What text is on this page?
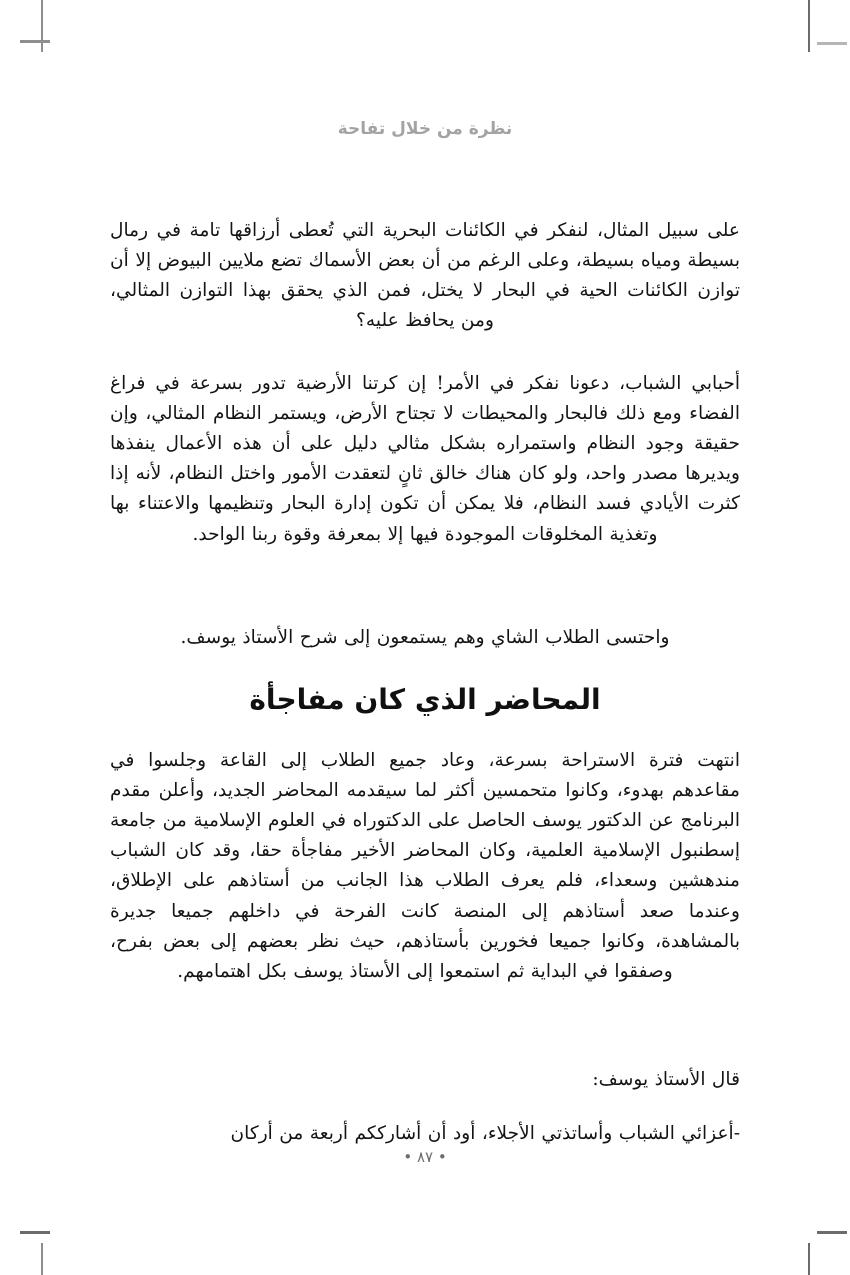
نظرة من خلال تفاحة

على سبيل المثال، لنفكر في الكائنات البحرية التي تُعطى أرزاقها تامة في رمال بسيطة ومياه بسيطة، وعلى الرغم من أن بعض الأسماك تضع ملايين البيوض إلا أن توازن الكائنات الحية في البحار لا يختل، فمن الذي يحقق بهذا التوازن المثالي، ومن يحافظ عليه؟

أحبابي الشباب، دعونا نفكر في الأمر! إن كرتنا الأرضية تدور بسرعة في فراغ الفضاء ومع ذلك فالبحار والمحيطات لا تجتاح الأرض، ويستمر النظام المثالي، وإن حقيقة وجود النظام واستمراره بشكل مثالي دليل على أن هذه الأعمال ينفذها ويديرها مصدر واحد، ولو كان هناك خالق ثانٍ لتعقدت الأمور واختل النظام، لأنه إذا كثرت الأيادي فسد النظام، فلا يمكن أن تكون إدارة البحار وتنظيمها والاعتناء بها وتغذية المخلوقات الموجودة فيها إلا بمعرفة وقوة ربنا الواحد.

واحتسى الطلاب الشاي وهم يستمعون إلى شرح الأستاذ يوسف.

المحاضر الذي كان مفاجأة

انتهت فترة الاستراحة بسرعة، وعاد جميع الطلاب إلى القاعة وجلسوا في مقاعدهم بهدوء، وكانوا متحمسين أكثر لما سيقدمه المحاضر الجديد، وأعلن مقدم البرنامج عن الدكتور يوسف الحاصل على الدكتوراه في العلوم الإسلامية من جامعة إسطنبول الإسلامية العلمية، وكان المحاضر الأخير مفاجأة حقا، وقد كان الشباب مندهشين وسعداء، فلم يعرف الطلاب هذا الجانب من أستاذهم على الإطلاق، وعندما صعد أستاذهم إلى المنصة كانت الفرحة في داخلهم جميعا جديرة بالمشاهدة، وكانوا جميعا فخورين بأستاذهم، حيث نظر بعضهم إلى بعض بفرح، وصفقوا في البداية ثم استمعوا إلى الأستاذ يوسف بكل اهتمامهم.

قال الأستاذ يوسف:

-أعزائي الشباب وأساتذتي الأجلاء، أود أن أشارككم أربعة من أركان

• ٨٧ •
